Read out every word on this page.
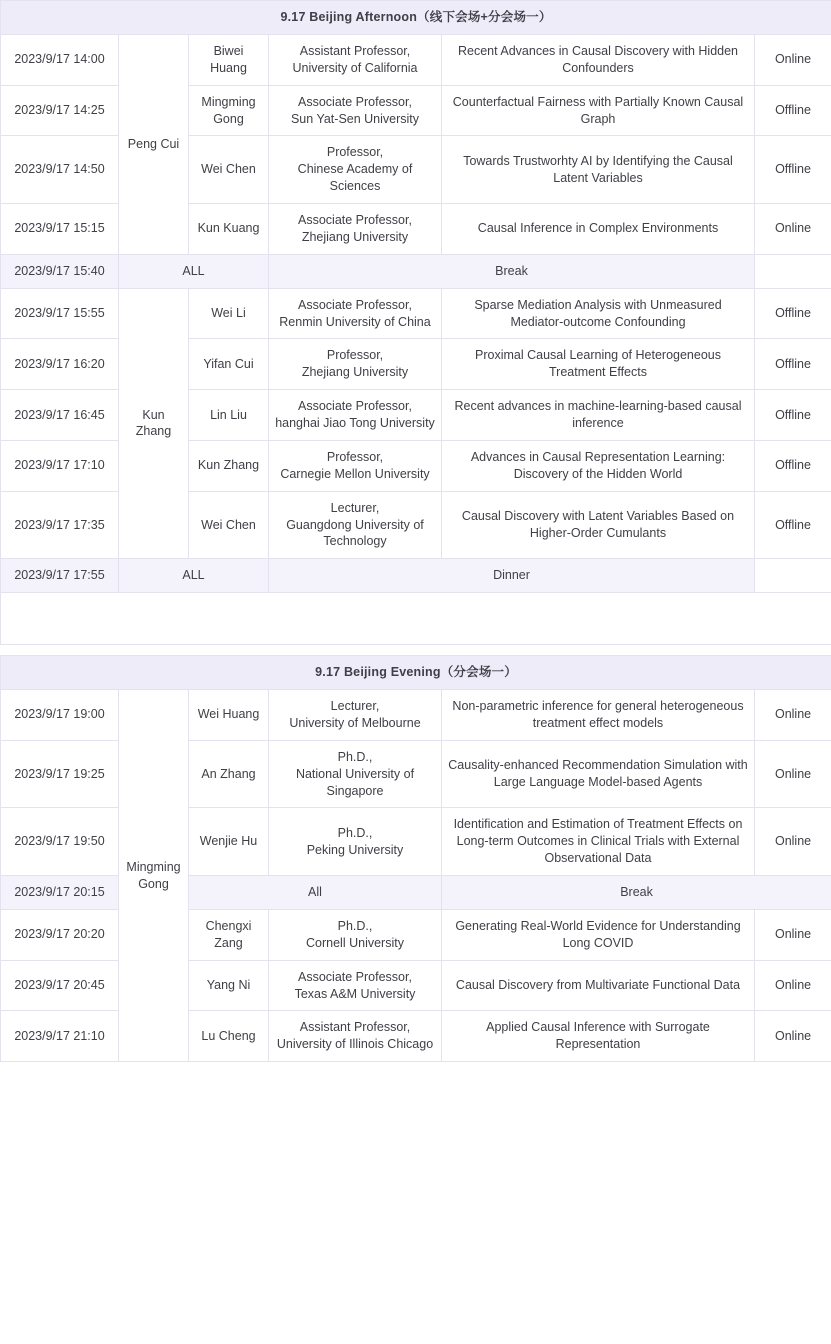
9.17 Beijing Afternoon（线下会场+分会场一）					
2023/9/17 14:00	Peng Cui	Biwei Huang	Assistant Professor,
University of California	Recent Advances in Causal Discovery with Hidden Confounders	Online
2023/9/17 14:25		Mingming Gong	Associate Professor,
Sun Yat-Sen University	Counterfactual Fairness with Partially Known Causal Graph	Offline
2023/9/17 14:50		Wei Chen	Professor,
Chinese Academy of Sciences	Towards Trustworhty AI by Identifying the Causal Latent Variables	Offline
2023/9/17 15:15		Kun Kuang	Associate Professor,
Zhejiang University	Causal Inference in Complex Environments	Online
2023/9/17 15:40	ALL		Break		
2023/9/17 15:55	Kun Zhang	Wei Li	Associate Professor,
Renmin University of China	Sparse Mediation Analysis with Unmeasured Mediator-outcome Confounding	Offline
2023/9/17 16:20		Yifan Cui	Professor,
Zhejiang University	Proximal Causal Learning of Heterogeneous Treatment Effects	Offline
2023/9/17 16:45		Lin Liu	Associate Professor,
hanghai Jiao Tong University	Recent advances in machine-learning-based causal inference	Offline
2023/9/17 17:10		Kun Zhang	Professor,
Carnegie Mellon University	Advances in Causal Representation Learning: Discovery of the Hidden World	Offline
2023/9/17 17:35		Wei Chen	Lecturer,
Guangdong University of Technology	Causal Discovery with Latent Variables Based on Higher-Order Cumulants	Offline
2023/9/17 17:55	ALL		Dinner		

9.17 Beijing Evening（分会场一）					
2023/9/17 19:00	Mingming Gong	Wei Huang	Lecturer,
University of Melbourne	Non-parametric inference for general heterogeneous treatment effect models	Online
2023/9/17 19:25		An Zhang	Ph.D.,
National University of Singapore	Causality-enhanced Recommendation Simulation with Large Language Model-based Agents	Online
2023/9/17 19:50		Wenjie Hu	Ph.D.,
Peking University	Identification and Estimation of Treatment Effects on Long-term Outcomes in Clinical Trials with External Observational Data	Online
2023/9/17 20:15		All		Break	
2023/9/17 20:20		Chengxi Zang	Ph.D.,
Cornell University	Generating Real-World Evidence for Understanding Long COVID	Online
2023/9/17 20:45		Yang Ni	Associate Professor,
Texas A&M University	Causal Discovery from Multivariate Functional Data	Online
2023/9/17 21:10		Lu Cheng	Assistant Professor,
University of Illinois Chicago	Applied Causal Inference with Surrogate Representation	Online
